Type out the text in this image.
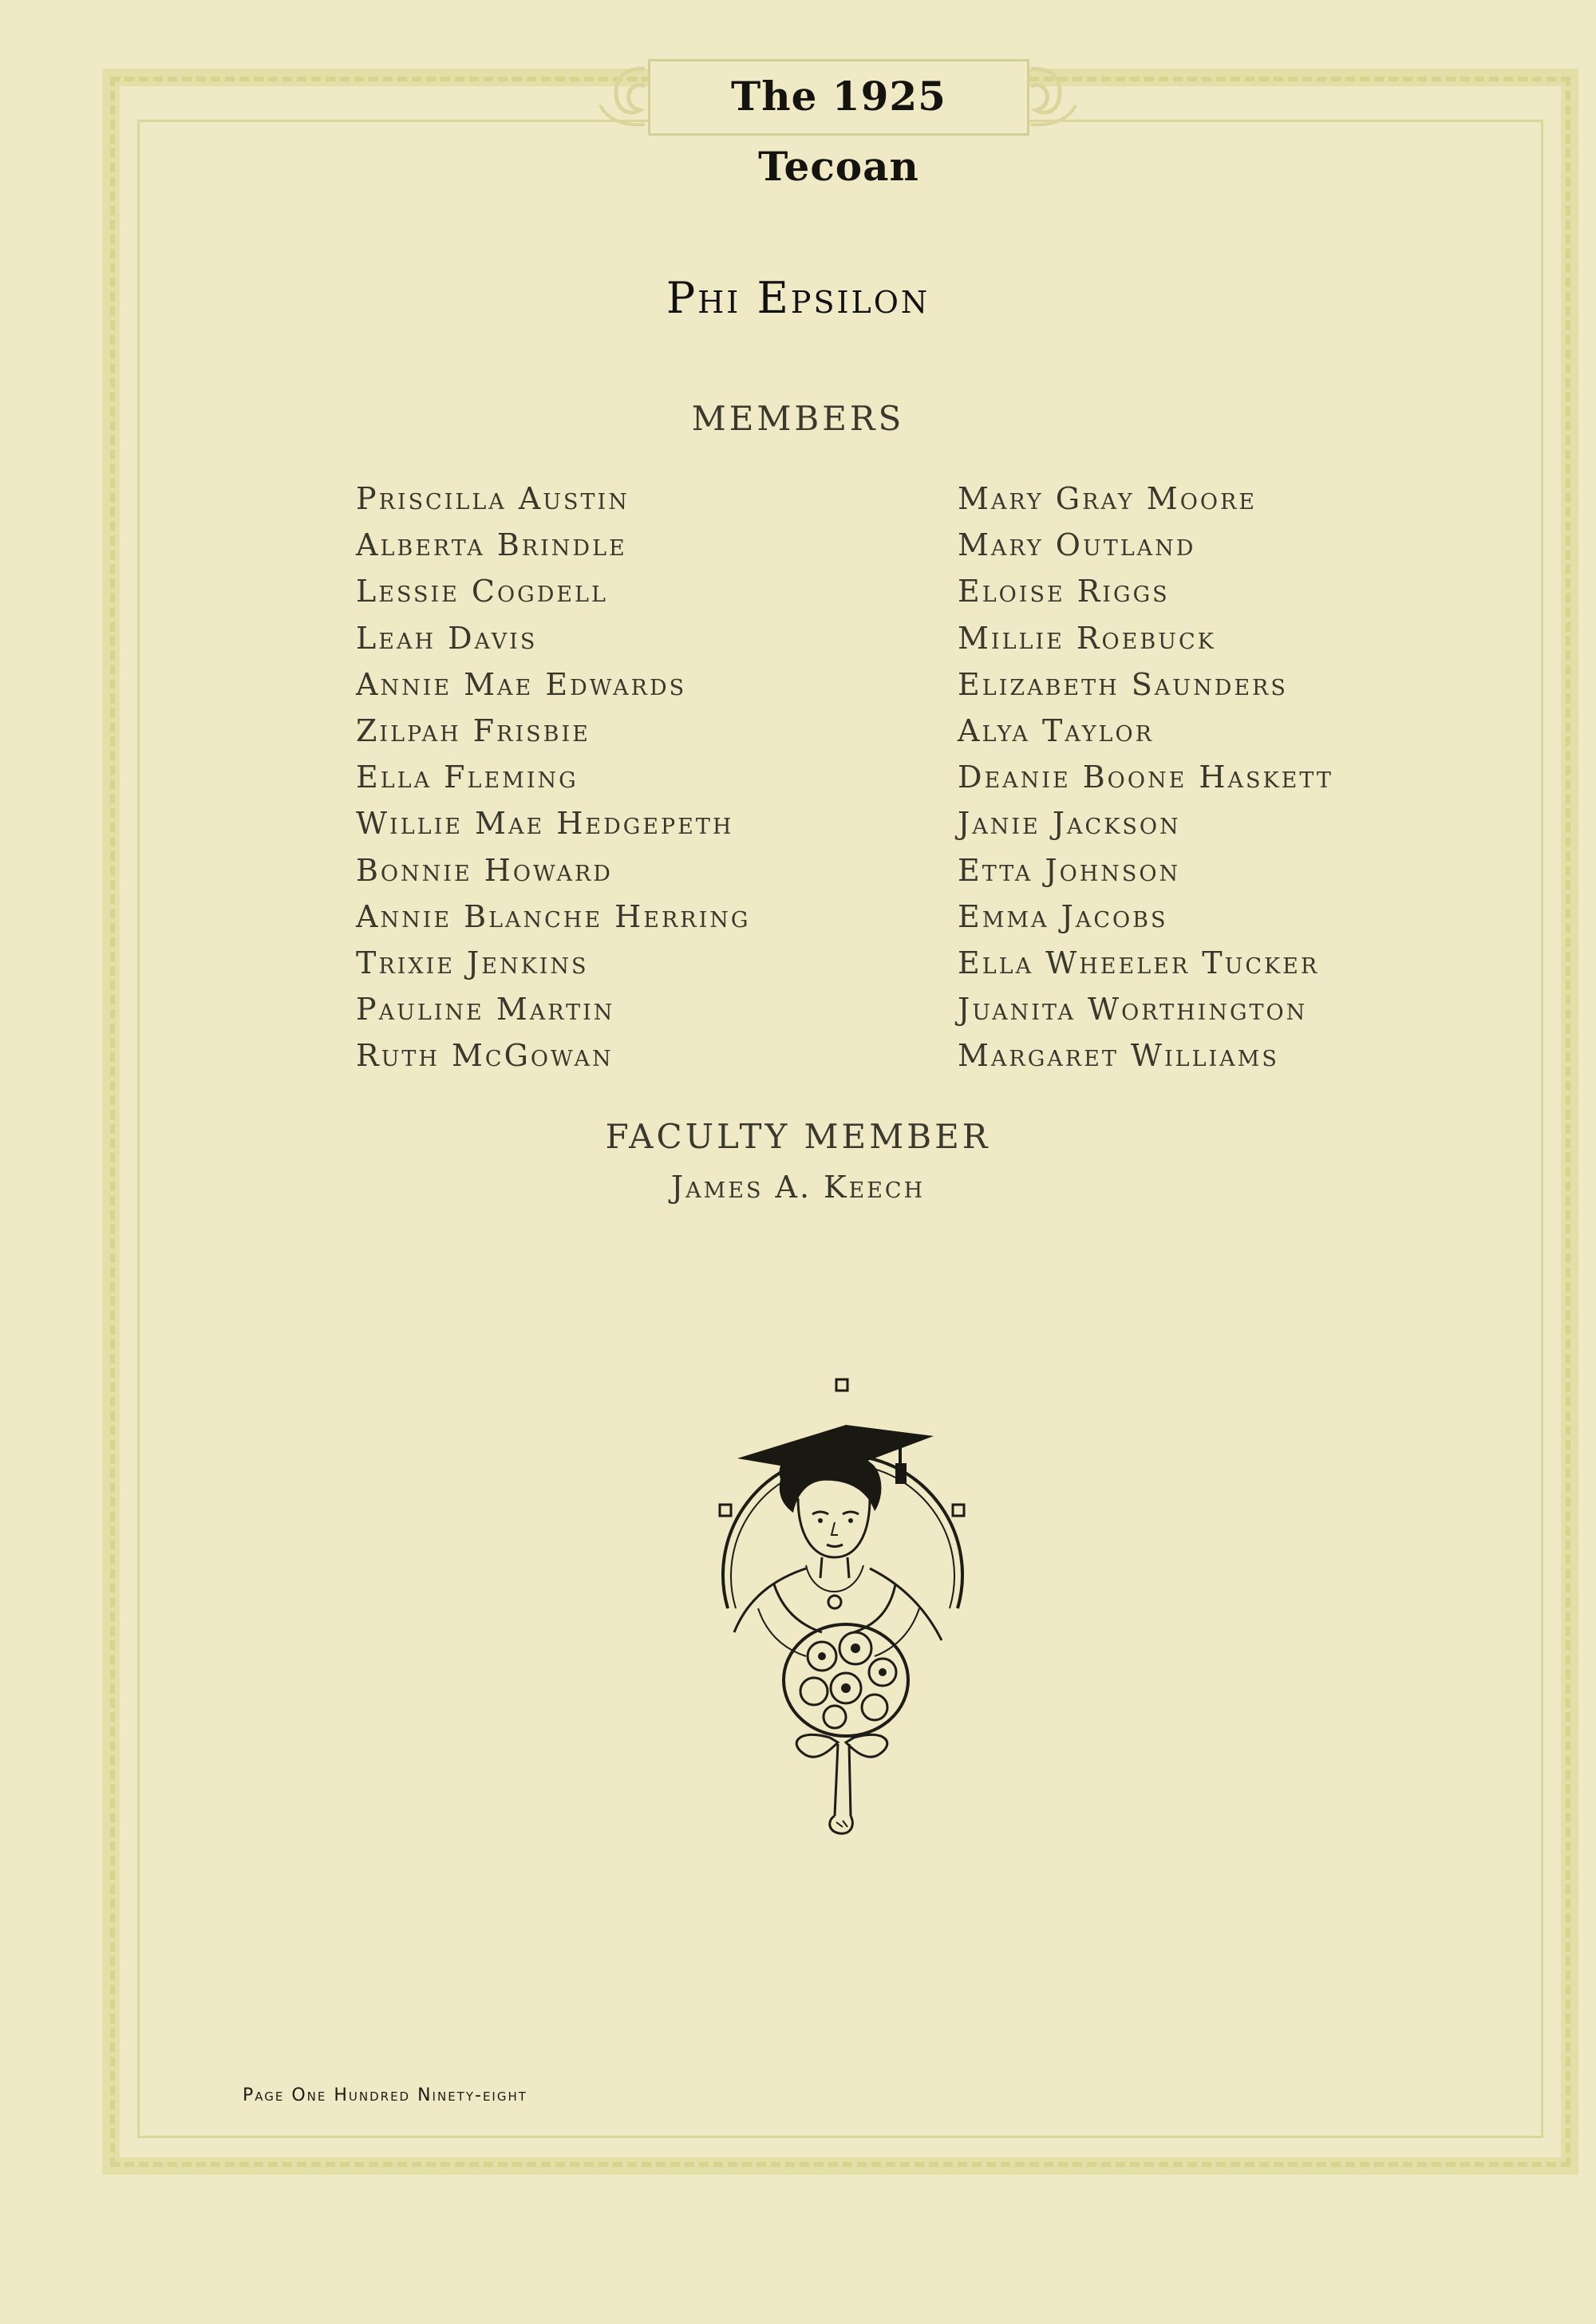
The 1925 Tecoan
Phi Epsilon
MEMBERS
Priscilla Austin
Alberta Brindle
Lessie Cogdell
Leah Davis
Annie Mae Edwards
Zilpah Frisbie
Ella Fleming
Willie Mae Hedgepeth
Bonnie Howard
Annie Blanche Herring
Trixie Jenkins
Pauline Martin
Ruth McGowan
Mary Gray Moore
Mary Outland
Eloise Riggs
Millie Roebuck
Elizabeth Saunders
Alya Taylor
Deanie Boone Haskett
Janie Jackson
Etta Johnson
Emma Jacobs
Ella Wheeler Tucker
Juanita Worthington
Margaret Williams
FACULTY MEMBER
James A. Keech
Page One Hundred Ninety-eight
